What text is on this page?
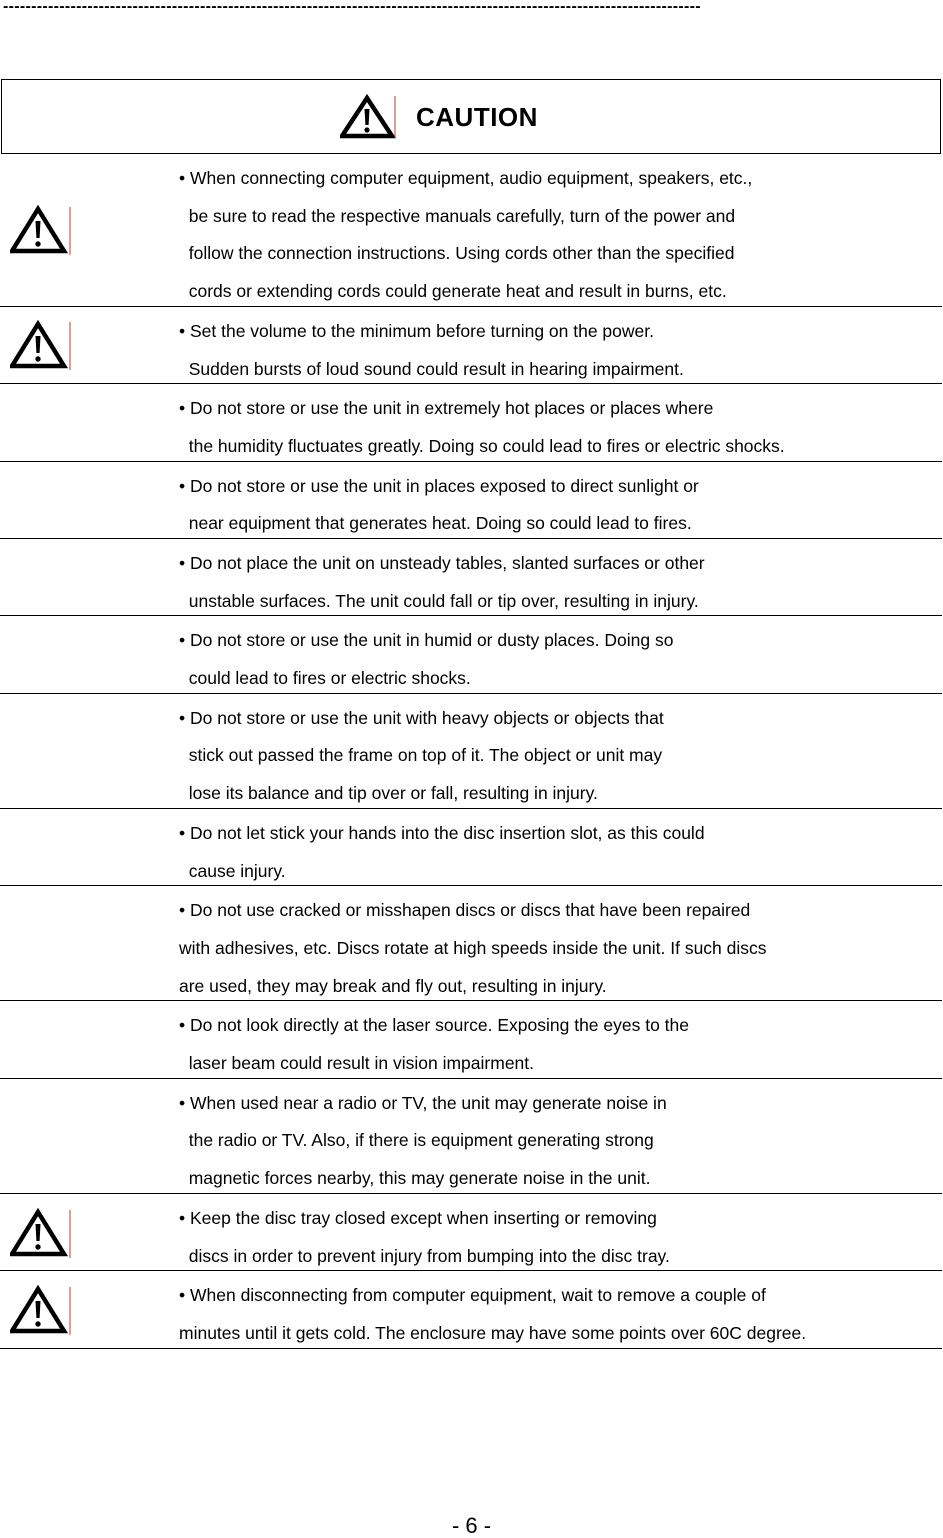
----------------------------------------------------------------------------------------------------------------------------
CAUTION
• When connecting computer equipment, audio equipment, speakers, etc.,
be sure to read the respective manuals carefully, turn of the power and
follow the connection instructions. Using cords other than the specified
cords or extending cords could generate heat and result in burns, etc.
• Set the volume to the minimum before turning on the power.
Sudden bursts of loud sound could result in hearing impairment.
• Do not store or use the unit in extremely hot places or places where
the humidity fluctuates greatly. Doing so could lead to fires or electric shocks.
• Do not store or use the unit in places exposed to direct sunlight or
near equipment that generates heat. Doing so could lead to fires.
• Do not place the unit on unsteady tables, slanted surfaces or other
unstable surfaces. The unit could fall or tip over, resulting in injury.
• Do not store or use the unit in humid or dusty places. Doing so
could lead to fires or electric shocks.
• Do not store or use the unit with heavy objects or objects that
stick out passed the frame on top of it. The object or unit may
lose its balance and tip over or fall, resulting in injury.
• Do not let stick your hands into the disc insertion slot, as this could
cause injury.
• Do not use cracked or misshapen discs or discs that have been repaired
with adhesives, etc. Discs rotate at high speeds inside the unit. If such discs
are used, they may break and fly out, resulting in injury.
• Do not look directly at the laser source. Exposing the eyes to the
laser beam could result in vision impairment.
• When used near a radio or TV, the unit may generate noise in
the radio or TV. Also, if there is equipment generating strong
magnetic forces nearby, this may generate noise in the unit.
• Keep the disc tray closed except when inserting or removing
discs in order to prevent injury from bumping into the disc tray.
• When disconnecting from computer equipment, wait to remove a couple of
minutes until it gets cold. The enclosure may have some points over 60C degree.
- 6 -
